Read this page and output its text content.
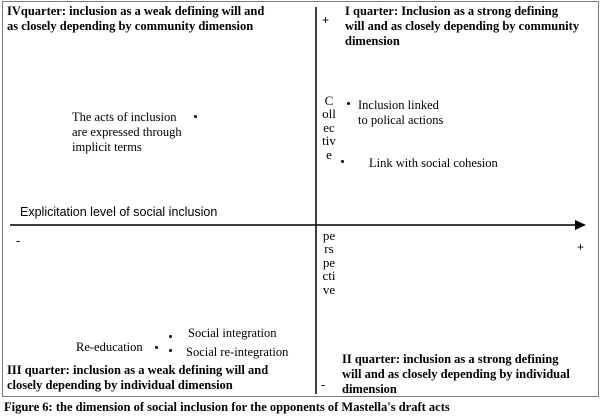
IVquarter: inclusion as a weak defining will and
as closely depending by community dimension
I quarter: Inclusion as a strong defining
will and as closely depending by community
dimension
III quarter: inclusion as a weak defining will and
closely depending by individual dimension
II quarter: inclusion as a strong defining
will and as closely depending by individual
dimension
+
+
-
-
Explicitation level of social inclusion
Collective
perspective
The acts of inclusion
are expressed through
implicit terms
Inclusion linked
to polical actions
Link with social cohesion
Social integration
Re-education	Social re-integration
Figure 6: the dimension of social inclusion for the opponents of Mastella's draft acts
